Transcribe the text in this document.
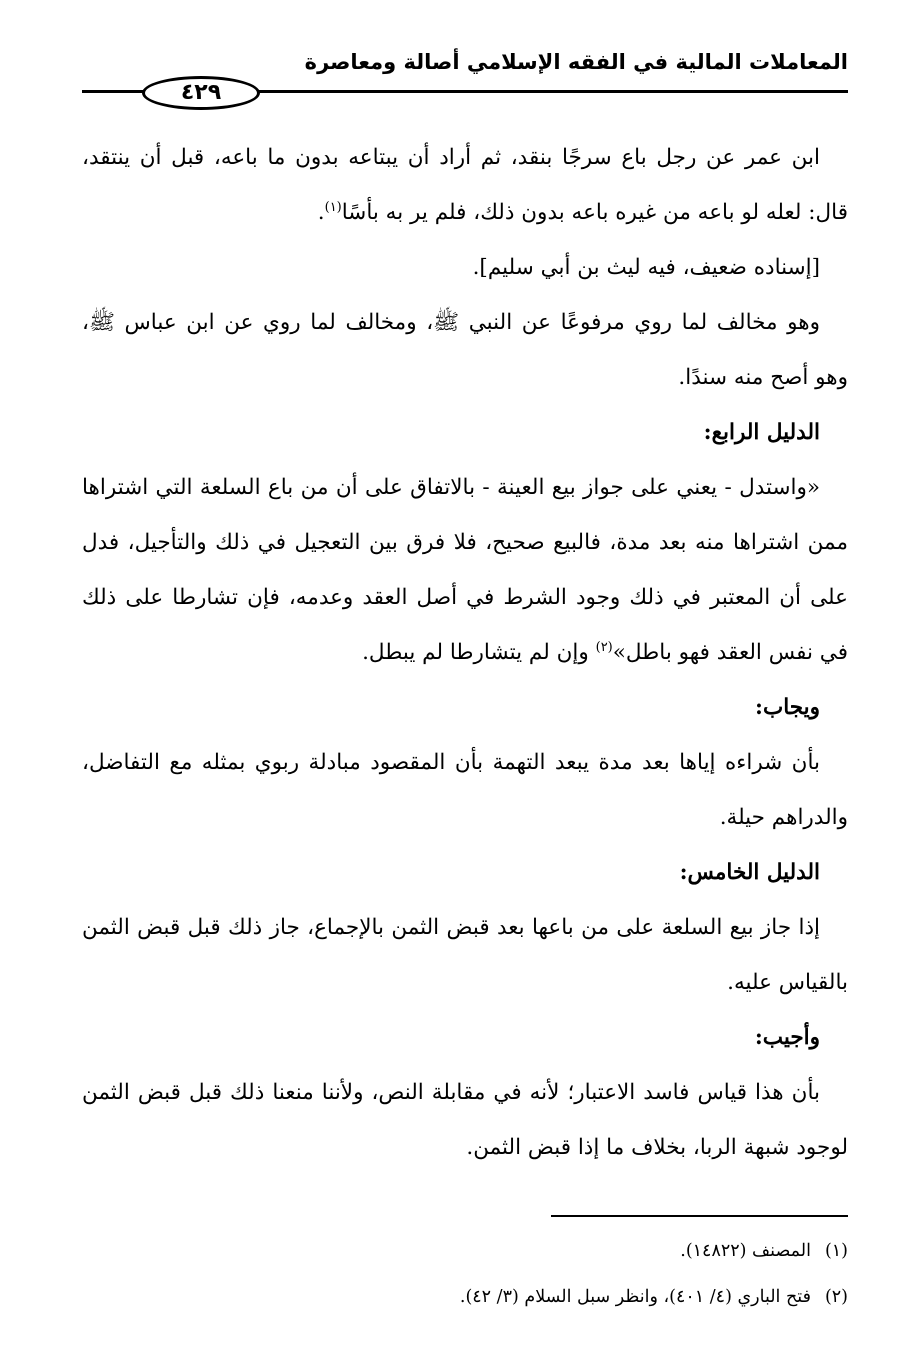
المعاملات المالية في الفقه الإسلامي أصالة ومعاصرة
٤٢٩

ابن عمر عن رجل باع سرجًا بنقد، ثم أراد أن يبتاعه بدون ما باعه، قبل أن ينتقد، قال: لعله لو باعه من غيره باعه بدون ذلك، فلم ير به بأسًا$^{(١)}$.

[إسناده ضعيف، فيه ليث بن أبي سليم].

وهو مخالف لما روي مرفوعًا عن النبي ﷺ، ومخالف لما روي عن ابن عباس ﷺ، وهو أصح منه سندًا.

الدليل الرابع:

«واستدل - يعني على جواز بيع العينة - بالاتفاق على أن من باع السلعة التي اشتراها ممن اشتراها منه بعد مدة، فالبيع صحيح، فلا فرق بين التعجيل في ذلك والتأجيل، فدل على أن المعتبر في ذلك وجود الشرط في أصل العقد وعدمه، فإن تشارطا على ذلك في نفس العقد فهو باطل»$^{(٢)}$ وإن لم يتشارطا لم يبطل.

ويجاب:

بأن شراءه إياها بعد مدة يبعد التهمة بأن المقصود مبادلة ربوي بمثله مع التفاضل، والدراهم حيلة.

الدليل الخامس:

إذا جاز بيع السلعة على من باعها بعد قبض الثمن بالإجماع، جاز ذلك قبل قبض الثمن بالقياس عليه.

وأجيب:

بأن هذا قياس فاسد الاعتبار؛ لأنه في مقابلة النص، ولأننا منعنا ذلك قبل قبض الثمن لوجود شبهة الربا، بخلاف ما إذا قبض الثمن.

(١)المصنف (١٤٨٢٢).

(٢)فتح الباري (٤/ ٤٠١)، وانظر سبل السلام (٣/ ٤٢).
